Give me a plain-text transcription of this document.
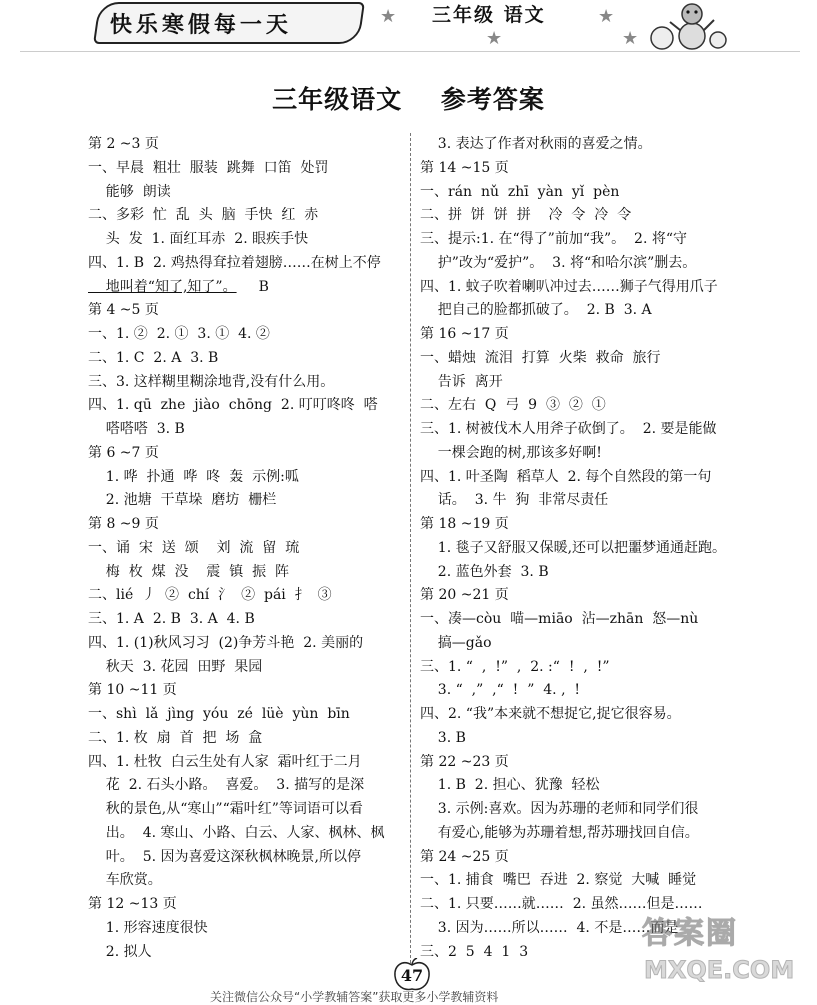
快乐寒假每一天	★
★
★
★
三年级 语文
三年级语文    参考答案
第 2 ~3 页
一、早晨  粗壮  服装  跳舞  口笛  处罚
能够  朗读
二、多彩  忙  乱  头  脑  手快  红  赤
头  发  1. 面红耳赤  2. 眼疾手快
四、1. B  2. 鸡热得耷拉着翅膀……在树上不停
地叫着“知了,知了”。 B
第 4 ~5 页
一、1. ②  2. ①  3. ①  4. ②
二、1. C  2. A  3. B
三、3. 这样糊里糊涂地背,没有什么用。
四、1. qū  zhe  jiào  chōng  2. 叮叮咚咚  嗒
嗒嗒嗒  3. B
第 6 ~7 页
1. 哗  扑通  哗  咚  轰  示例:呱
2. 池塘  干草垛  磨坊  栅栏
第 8 ~9 页
一、诵  宋  送  颂    刘  流  留  琉
梅  枚  煤  没    震  镇  振  阵
二、lié  丿  ②  chí  氵  ②  pái  扌  ③
三、1. A  2. B  3. A  4. B
四、1. (1)秋风习习  (2)争芳斗艳  2. 美丽的
秋天  3. 花园  田野  果园
第 10 ~11 页
一、shì  lǎ  jìng  yóu  zé  lüè  yùn  bīn
二、1. 枚  扇  首  把  场  盒
四、1. 杜牧  白云生处有人家  霜叶红于二月
花  2. 石头小路。  喜爱。  3. 描写的是深
秋的景色,从“寒山”“霜叶红”等词语可以看
出。  4. 寒山、小路、白云、人家、枫林、枫
叶。  5. 因为喜爱这深秋枫林晚景,所以停
车欣赏。
第 12 ~13 页
1. 形容速度很快
2. 拟人
3. 表达了作者对秋雨的喜爱之情。
第 14 ~15 页
一、rán  nǔ  zhī  yàn  yǐ  pèn
二、拼  饼  饼  拼    冷  令  冷  令
三、提示:1. 在“得了”前加“我”。  2. 将“守
护”改为“爱护”。  3. 将“和哈尔滨”删去。
四、1. 蚊子吹着喇叭冲过去……狮子气得用爪子
把自己的脸都抓破了。  2. B  3. A
第 16 ~17 页
一、蜡烛  流泪  打算  火柴  救命  旅行
告诉  离开
二、左右  Q  弓  9  ③  ②  ①
三、1. 树被伐木人用斧子砍倒了。  2. 要是能做
一棵会跑的树,那该多好啊!
四、1. 叶圣陶  稻草人  2. 每个自然段的第一句
话。  3. 牛  狗  非常尽责任
第 18 ~19 页
1. 毯子又舒服又保暖,还可以把噩梦通通赶跑。
2. 蓝色外套  3. B
第 20 ~21 页
一、凑—còu  喵—miāo  沾—zhān  怒—nù
搞—gǎo
三、1. “  ,  !”  ,  2. :“  !  ,  !”
3. “  ,”  ,“  !  ”  4. ,  !
四、2. “我”本来就不想捉它,捉它很容易。
3. B
第 22 ~23 页
1. B  2. 担心、犹豫  轻松
3. 示例:喜欢。因为苏珊的老师和同学们很
有爱心,能够为苏珊着想,帮苏珊找回自信。
第 24 ~25 页
一、1. 捕食  嘴巴  吞进  2. 察觉  大喊  睡觉
二、1. 只要……就……  2. 虽然……但是……
3. 因为……所以……  4. 不是……而是
三、2  5  4  1  3
47
关注微信公众号“小学教辅答案”获取更多小学教辅资料
答案圈
MXQE.COM
